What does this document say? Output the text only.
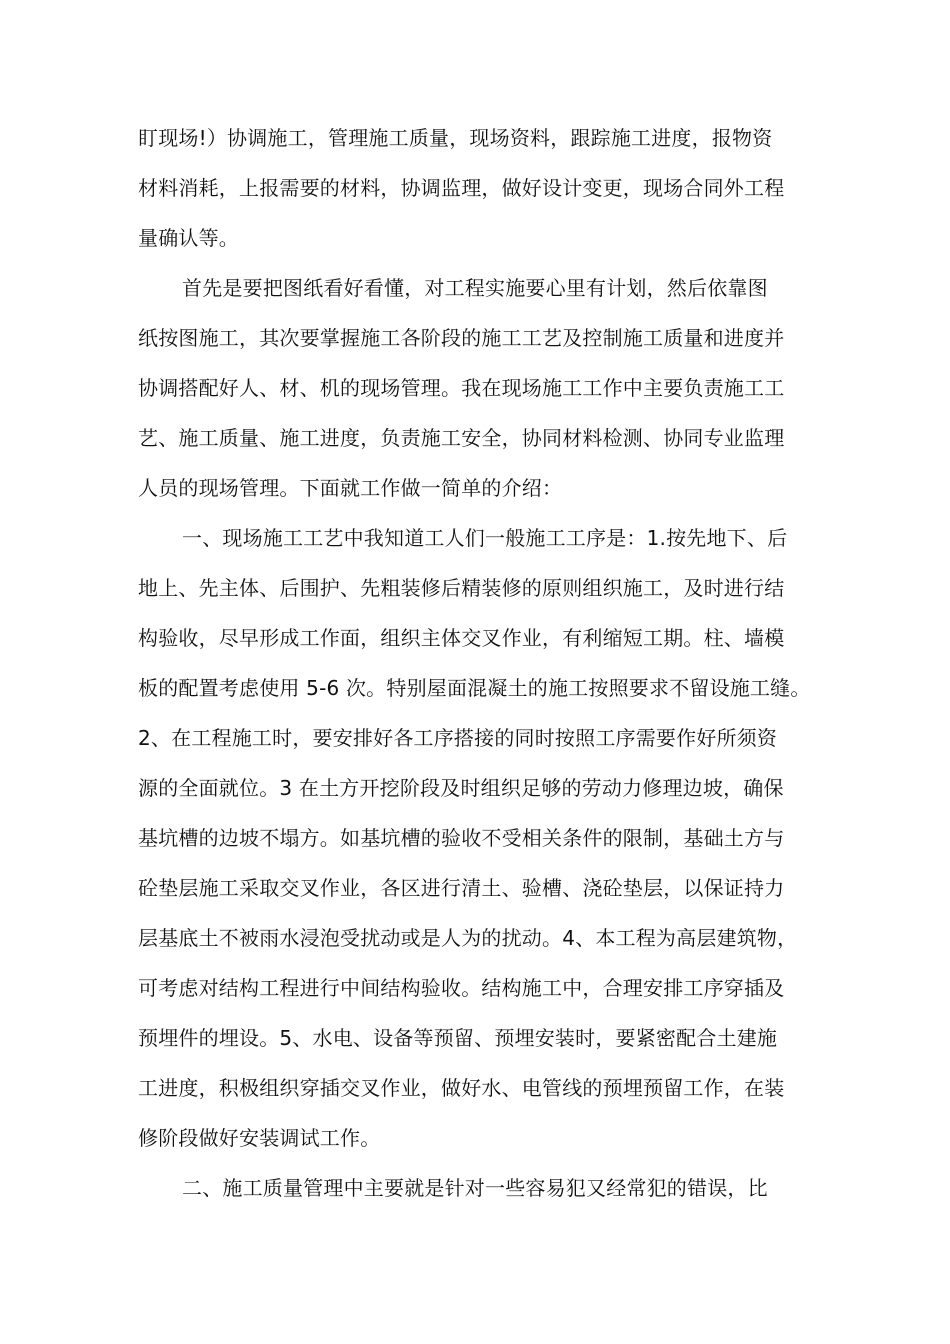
盯现场!）协调施工，管理施工质量，现场资料，跟踪施工进度，报物资
材料消耗，上报需要的材料，协调监理，做好设计变更，现场合同外工程
量确认等。
首先是要把图纸看好看懂，对工程实施要心里有计划，然后依靠图
纸按图施工，其次要掌握施工各阶段的施工工艺及控制施工质量和进度并
协调搭配好人、材、机的现场管理。我在现场施工工作中主要负责施工工
艺、施工质量、施工进度，负责施工安全，协同材料检测、协同专业监理
人员的现场管理。下面就工作做一简单的介绍：
一、现场施工工艺中我知道工人们一般施工工序是：1.按先地下、后
地上、先主体、后围护、先粗装修后精装修的原则组织施工，及时进行结
构验收，尽早形成工作面，组织主体交叉作业，有利缩短工期。柱、墙模
板的配置考虑使用 5-6 次。特别屋面混凝土的施工按照要求不留设施工缝。
2、在工程施工时，要安排好各工序搭接的同时按照工序需要作好所须资
源的全面就位。3 在土方开挖阶段及时组织足够的劳动力修理边坡，确保
基坑槽的边坡不塌方。如基坑槽的验收不受相关条件的限制，基础土方与
砼垫层施工采取交叉作业，各区进行清土、验槽、浇砼垫层，以保证持力
层基底土不被雨水浸泡受扰动或是人为的扰动。4、本工程为高层建筑物，
可考虑对结构工程进行中间结构验收。结构施工中，合理安排工序穿插及
预埋件的埋设。5、水电、设备等预留、预埋安装时，要紧密配合土建施
工进度，积极组织穿插交叉作业，做好水、电管线的预埋预留工作，在装
修阶段做好安装调试工作。
二、施工质量管理中主要就是针对一些容易犯又经常犯的错误，比
